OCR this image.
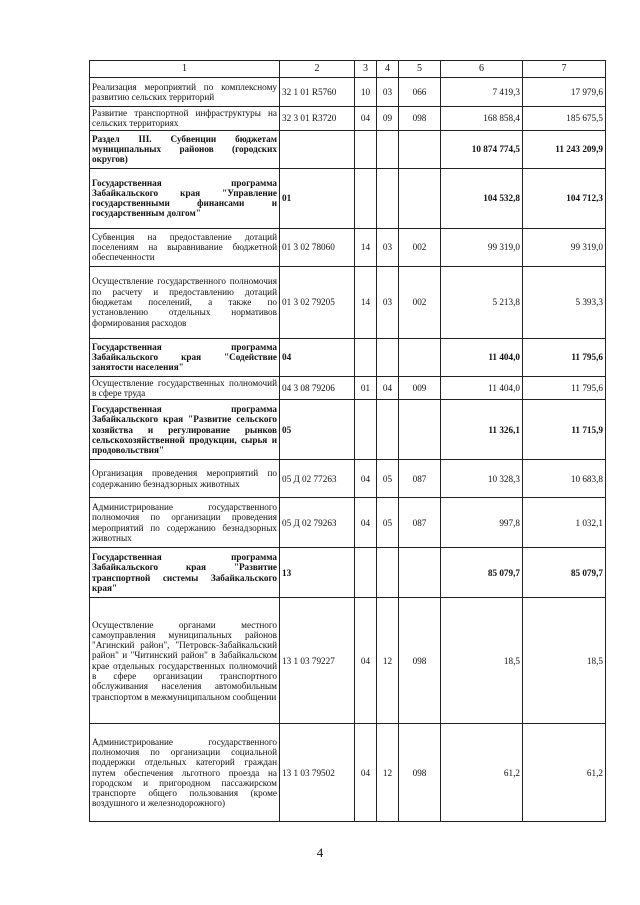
1	2	3	4	5	6	7
Реализация мероприятий по комплексному развитию сельских территорий	32 1 01 R5760	10	03	066	7 419,3	17 979,6
Развитие транспортной инфраструктуры на сельских территориях	32 3 01 R3720	04	09	098	168 858,4	185 675,5
Раздел III. Субвенции бюджетам муниципальных районов (городских округов)					10 874 774,5	11 243 209,9
Государственная программа Забайкальского края "Управление государственными финансами и государственным долгом"	01				104 532,8	104 712,3
Субвенция на предоставление дотаций поселениям на выравнивание бюджетной обеспеченности	01 3 02 78060	14	03	002	99 319,0	99 319,0
Осуществление государственного полномочия по расчету и предоставлению дотаций бюджетам поселений, а также по установлению отдельных нормативов формирования расходов	01 3 02 79205	14	03	002	5 213,8	5 393,3
Государственная программа Забайкальского края "Содействие занятости населения"	04				11 404,0	11 795,6
Осуществление государственных полномочий в сфере труда	04 3 08 79206	01	04	009	11 404,0	11 795,6
Государственная программа Забайкальского края "Развитие сельского хозяйства и регулирование рынков сельскохозяйственной продукции, сырья и продовольствия"	05				11 326,1	11 715,9
Организация проведения мероприятий по содержанию безнадзорных животных	05 Д 02 77263	04	05	087	10 328,3	10 683,8
Администрирование государственного полномочия по организации проведения мероприятий по содержанию безнадзорных животных	05 Д 02 79263	04	05	087	997,8	1 032,1
Государственная программа Забайкальского края "Развитие транспортной системы Забайкальского края"	13				85 079,7	85 079,7
Осуществление органами местного самоуправления муниципальных районов "Агинский район", "Петровск-Забайкальский район" и "Читинский район" в Забайкальском крае отдельных государственных полномочий в сфере организации транспортного обслуживания населения автомобильным транспортом в межмуниципальном сообщении	13 1 03 79227	04	12	098	18,5	18,5
Администрирование государственного полномочия по организации социальной поддержки отдельных категорий граждан путем обеспечения льготного проезда на городском и пригородном пассажирском транспорте общего пользования (кроме воздушного и железнодорожного)	13 1 03 79502	04	12	098	61,2	61,2
4
